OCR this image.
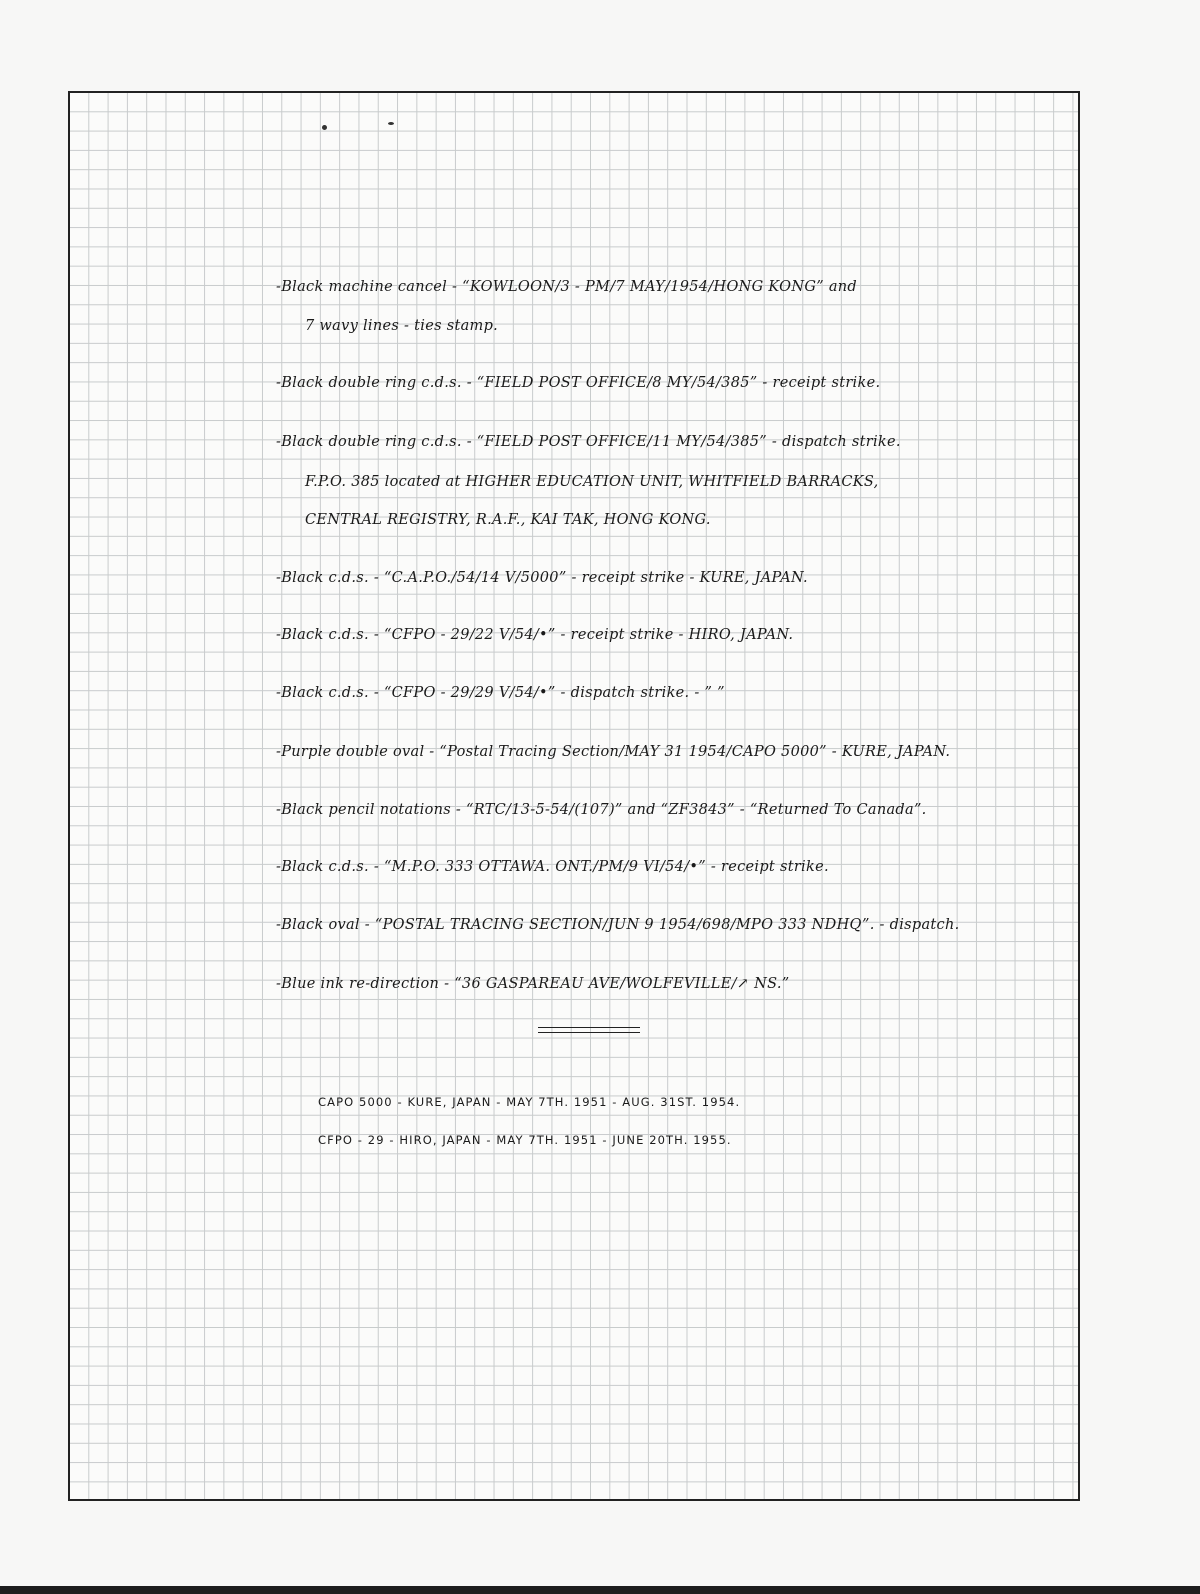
-Black machine cancel - “KOWLOON/3 - PM/7 MAY/1954/HONG KONG” and
7 wavy lines - ties stamp.
-Black double ring c.d.s. - “FIELD POST OFFICE/8 MY/54/385” - receipt strike.
-Black double ring c.d.s. - “FIELD POST OFFICE/11 MY/54/385” - dispatch strike.
F.P.O. 385 located at HIGHER EDUCATION UNIT, WHITFIELD BARRACKS,
CENTRAL REGISTRY, R.A.F., KAI TAK, HONG KONG.
-Black c.d.s. - “C.A.P.O./54/14 V/5000” - receipt strike - KURE, JAPAN.
-Black c.d.s. - “CFPO - 29/22 V/54/•” - receipt strike - HIRO, JAPAN.
-Black c.d.s. - “CFPO - 29/29 V/54/•” - dispatch strike. - ” ”
-Purple double oval - “Postal Tracing Section/MAY 31 1954/CAPO 5000” - KURE, JAPAN.
-Black pencil notations - “RTC/13-5-54/(107)” and “ZF3843” - “Returned To Canada”.
-Black c.d.s. - “M.P.O. 333 OTTAWA. ONT./PM/9 VI/54/•” - receipt strike.
-Black oval - “POSTAL TRACING SECTION/JUN 9 1954/698/MPO 333 NDHQ”. - dispatch.
-Blue ink re-direction - “36 GASPAREAU AVE/WOLFEVILLE/↗ NS.”
CAPO 5000 - KURE, JAPAN - MAY 7TH. 1951 - AUG. 31ST. 1954.
CFPO - 29 - HIRO, JAPAN - MAY 7TH. 1951 - JUNE 20TH. 1955.
